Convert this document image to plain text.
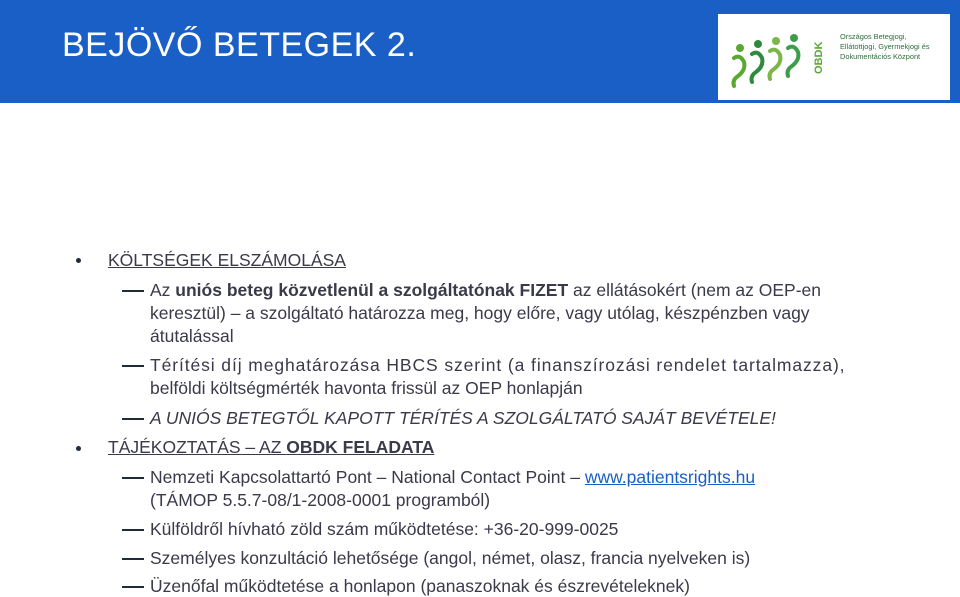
BEJÖVŐ BETEGEK 2.	OBDK
Országos Betegjogi,
Ellátottjogi, Gyermekjogi és
Dokumentációs Központ
KÖLTSÉGEK ELSZÁMOLÁSA
Az uniós beteg közvetlenül a szolgáltatónak FIZET az ellátásokért (nem az OEP-en
keresztül) – a szolgáltató határozza meg, hogy előre, vagy utólag, készpénzben vagy
átutalással
Térítési díj meghatározása HBCS szerint (a finanszírozási rendelet tartalmazza),
belföldi költségmérték havonta frissül az OEP honlapján
A UNIÓS BETEGTŐL KAPOTT TÉRÍTÉS A SZOLGÁLTATÓ SAJÁT BEVÉTELE!
TÁJÉKOZTATÁS – AZ OBDK FELADATA
Nemzeti Kapcsolattartó Pont – National Contact Point – www.patientsrights.hu
(TÁMOP 5.5.7-08/1-2008-0001 programból)
Külföldről hívható zöld szám működtetése: +36-20-999-0025
Személyes konzultáció lehetősége (angol, német, olasz, francia nyelveken is)
Üzenőfal működtetése a honlapon (panaszoknak és észrevételeknek)
